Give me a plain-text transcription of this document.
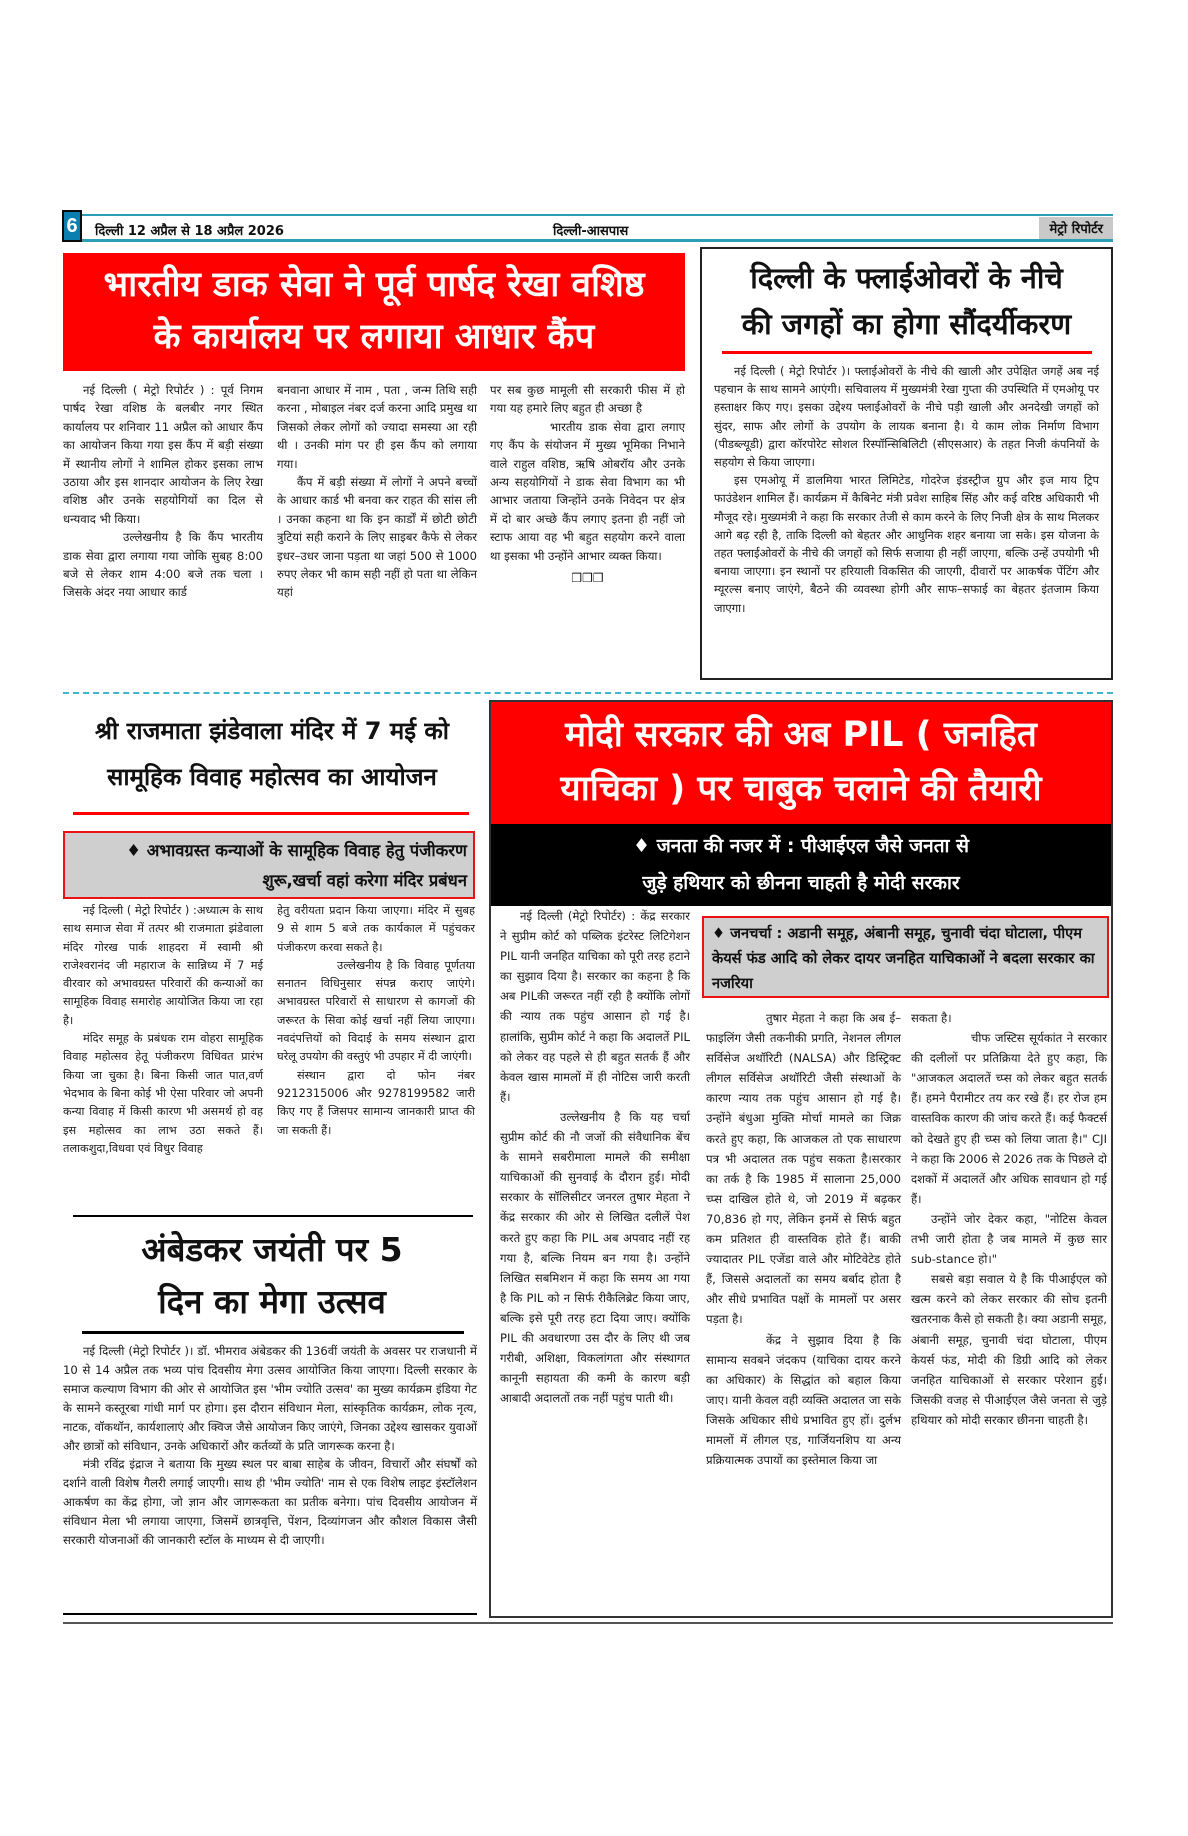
6	दिल्ली 12 अप्रैल से 18 अप्रैल 2026	दिल्ली-आसपास	मेट्रो रिपोर्टर
भारतीय डाक सेवा ने पूर्व पार्षद रेखा वशिष्ठ
के कार्यालय पर लगाया आधार कैंप

नई दिल्ली ( मेट्रो रिपोर्टर ) : पूर्व निगम पार्षद रेखा वशिष्ठ के बलबीर नगर स्थित कार्यालय पर शनिवार 11 अप्रैल को आधार कैंप का आयोजन किया गया इस कैंप में बड़ी संख्या में स्थानीय लोगों ने शामिल होकर इसका लाभ उठाया और इस शानदार आयोजन के लिए रेखा वशिष्ठ और उनके सहयोगियों का दिल से धन्यवाद भी किया।

उल्लेखनीय है कि कैंप भारतीय डाक सेवा द्वारा लगाया गया जोकि सुबह 8:00 बजे से लेकर शाम 4:00 बजे तक चला । जिसके अंदर नया आधार कार्ड

बनवाना आधार में नाम , पता , जन्म तिथि सही करना , मोबाइल नंबर दर्ज करना आदि प्रमुख था जिसको लेकर लोगों को ज्यादा समस्या आ रही थी । उनकी मांग पर ही इस कैंप को लगाया गया।

कैंप में बड़ी संख्या में लोगों ने अपने बच्चों के आधार कार्ड भी बनवा कर राहत की सांस ली । उनका कहना था कि इन कार्डों में छोटी छोटी त्रुटियां सही कराने के लिए साइबर कैफे से लेकर इधर–उधर जाना पड़ता था जहां 500 से 1000 रुपए लेकर भी काम सही नहीं हो पता था लेकिन यहां

पर सब कुछ मामूली सी सरकारी फीस में हो गया यह हमारे लिए बहुत ही अच्छा है

भारतीय डाक सेवा द्वारा लगाए गए कैंप के संयोजन में मुख्य भूमिका निभाने वाले राहुल वशिष्ठ, ऋषि ओबरॉय और उनके अन्य सहयोगियों ने डाक सेवा विभाग का भी आभार जताया जिन्होंने उनके निवेदन पर क्षेत्र में दो बार अच्छे कैंप लगाए इतना ही नहीं जो स्टाफ आया वह भी बहुत सहयोग करने वाला था इसका भी उन्होंने आभार व्यक्त किया।

❒❒❒
दिल्ली के फ्लाईओवरों के नीचे
की जगहों का होगा सौंदर्यीकरण

नई दिल्ली ( मेट्रो रिपोर्टर )। फ्लाईओवरों के नीचे की खाली और उपेक्षित जगहें अब नई पहचान के साथ सामने आएंगी। सचिवालय में मुख्यमंत्री रेखा गुप्ता की उपस्थिति में एमओयू पर हस्ताक्षर किए गए। इसका उद्देश्य फ्लाईओवरों के नीचे पड़ी खाली और अनदेखी जगहों को सुंदर, साफ और लोगों के उपयोग के लायक बनाना है। ये काम लोक निर्माण विभाग (पीडब्ल्यूडी) द्वारा कॉरपोरेट सोशल रिस्पॉन्सिबिलिटी (सीएसआर) के तहत निजी कंपनियों के सहयोग से किया जाएगा।

इस एमओयू में डालमिया भारत लिमिटेड, गोदरेज इंडस्ट्रीज ग्रुप और इज माय ट्रिप फाउंडेशन शामिल हैं। कार्यक्रम में कैबिनेट मंत्री प्रवेश साहिब सिंह और कई वरिष्ठ अधिकारी भी मौजूद रहे। मुख्यमंत्री ने कहा कि सरकार तेजी से काम करने के लिए निजी क्षेत्र के साथ मिलकर आगे बढ़ रही है, ताकि दिल्ली को बेहतर और आधुनिक शहर बनाया जा सके। इस योजना के तहत फ्लाईओवरों के नीचे की जगहों को सिर्फ सजाया ही नहीं जाएगा, बल्कि उन्हें उपयोगी भी बनाया जाएगा। इन स्थानों पर हरियाली विकसित की जाएगी, दीवारों पर आकर्षक पेंटिंग और म्यूरल्स बनाए जाएंगे, बैठने की व्यवस्था होगी और साफ–सफाई का बेहतर इंतजाम किया जाएगा।

श्री राजमाता झंडेवाला मंदिर में 7 मई को
सामूहिक विवाह महोत्सव का आयोजन
♦ अभावग्रस्त कन्याओं के सामूहिक विवाह हेतु पंजीकरण शुरू,खर्चा वहां करेगा मंदिर प्रबंधन

नई दिल्ली ( मेट्रो रिपोर्टर ) :अध्यात्म के साथ साथ समाज सेवा में तत्पर श्री राजमाता झंडेवाला मंदिर गोरख पार्क शाहदरा में स्वामी श्री राजेश्वरानंद जी महाराज के सान्निध्य में 7 मई वीरवार को अभावग्रस्त परिवारों की कन्याओं का सामूहिक विवाह समारोह आयोजित किया जा रहा है।

मंदिर समूह के प्रबंधक राम वोहरा सामूहिक विवाह महोत्सव हेतू पंजीकरण विधिवत प्रारंभ किया जा चुका है। बिना किसी जात पात,वर्ण भेदभाव के बिना कोई भी ऐसा परिवार जो अपनी कन्या विवाह में किसी कारण भी असमर्थ हो वह इस महोत्सव का लाभ उठा सकते हैं।तलाकशुदा,विधवा एवं विधुर विवाह

हेतु वरीयता प्रदान किया जाएगा। मंदिर में सुबह 9 से शाम 5 बजे तक कार्यकाल में पहुंचकर पंजीकरण करवा सकते है।

उल्लेखनीय है कि विवाह पूर्णतया सनातन विधिनुसार संपन्न कराए जाएंगे।अभावग्रस्त परिवारों से साधारण से कागजों की जरूरत के सिवा कोई खर्चा नहीं लिया जाएगा। नवदंपत्तियों को विदाई के समय संस्थान द्वारा घरेलू उपयोग की वस्तुएं भी उपहार में दी जाएंगी।

संस्थान द्वारा दो फोन नंबर 9212315006 और 9278199582 जारी किए गए हैं जिसपर सामान्य जानकारी प्राप्त की जा सकती हैं।

अंबेडकर जयंती पर 5
दिन का मेगा उत्सव

नई दिल्ली (मेट्रो रिपोर्टर )। डॉ. भीमराव अंबेडकर की 136वीं जयंती के अवसर पर राजधानी में 10 से 14 अप्रैल तक भव्य पांच दिवसीय मेगा उत्सव आयोजित किया जाएगा। दिल्ली सरकार के समाज कल्याण विभाग की ओर से आयोजित इस 'भीम ज्योति उत्सव' का मुख्य कार्यक्रम इंडिया गेट के सामने कस्तूरबा गांधी मार्ग पर होगा। इस दौरान संविधान मेला, सांस्कृतिक कार्यक्रम, लोक नृत्य, नाटक, वॉकथॉन, कार्यशालाएं और क्विज जैसे आयोजन किए जाएंगे, जिनका उद्देश्य खासकर युवाओं और छात्रों को संविधान, उनके अधिकारों और कर्तव्यों के प्रति जागरूक करना है।

मंत्री रविंद्र इंद्राज ने बताया कि मुख्य स्थल पर बाबा साहेब के जीवन, विचारों और संघर्षों को दर्शाने वाली विशेष गैलरी लगाई जाएगी। साथ ही 'भीम ज्योति' नाम से एक विशेष लाइट इंस्टॉलेशन आकर्षण का केंद्र होगा, जो ज्ञान और जागरूकता का प्रतीक बनेगा। पांच दिवसीय आयोजन में संविधान मेला भी लगाया जाएगा, जिसमें छात्रवृत्ति, पेंशन, दिव्यांगजन और कौशल विकास जैसी सरकारी योजनाओं की जानकारी स्टॉल के माध्यम से दी जाएगी।

मोदी सरकार की अब PIL ( जनहित
याचिका ) पर चाबुक चलाने की तैयारी
♦ जनता की नजर में : पीआईएल जैसे जनता से
जुड़े हथियार को छीनना चाहती है मोदी सरकार
♦ जनचर्चा : अडानी समूह, अंबानी समूह, चुनावी चंदा घोटाला, पीएम केयर्स फंड आदि को लेकर दायर जनहित याचिकाओं ने बदला सरकार का नजरिया

नई दिल्ली (मेट्रो रिपोर्टर) : केंद्र सरकार ने सुप्रीम कोर्ट को पब्लिक इंटरेस्ट लिटिगेशन PIL यानी जनहित याचिका को पूरी तरह हटाने का सुझाव दिया है। सरकार का कहना है कि अब PILकी जरूरत नहीं रही है क्योंकि लोगों की न्याय तक पहुंच आसान हो गई है। हालांकि, सुप्रीम कोर्ट ने कहा कि अदालतें PIL को लेकर वह पहले से ही बहुत सतर्क हैं और केवल खास मामलों में ही नोटिस जारी करती हैं।

उल्लेखनीय है कि यह चर्चा सुप्रीम कोर्ट की नौ जजों की संवैधानिक बेंच के सामने सबरीमाला मामले की समीक्षा याचिकाओं की सुनवाई के दौरान हुई। मोदी सरकार के सॉलिसीटर जनरल तुषार मेहता ने केंद्र सरकार की ओर से लिखित दलीलें पेश करते हुए कहा कि PIL अब अपवाद नहीं रह गया है, बल्कि नियम बन गया है। उन्होंने लिखित सबमिशन में कहा कि समय आ गया है कि PIL को न सिर्फ रीकैलिब्रेट किया जाए, बल्कि इसे पूरी तरह हटा दिया जाए। क्योंकि PIL की अवधारणा उस दौर के लिए थी जब गरीबी, अशिक्षा, विकलांगता और संस्थागत कानूनी सहायता की कमी के कारण बड़ी आबादी अदालतों तक नहीं पहुंच पाती थी।

तुषार मेहता ने कहा कि अब ई–फाइलिंग जैसी तकनीकी प्रगति, नेशनल लीगल सर्विसेज अथॉरिटी (NALSA) और डिस्ट्रिक्ट लीगल सर्विसेज अथॉरिटी जैसी संस्थाओं के कारण न्याय तक पहुंच आसान हो गई है। उन्होंने बंधुआ मुक्ति मोर्चा मामले का जिक्र करते हुए कहा, कि आजकल तो एक साधारण पत्र भी अदालत तक पहुंच सकता है।सरकार का तर्क है कि 1985 में सालाना 25,000 च्प्स दाखिल होते थे, जो 2019 में बढ़कर 70,836 हो गए, लेकिन इनमें से सिर्फ बहुत कम प्रतिशत ही वास्तविक होते हैं। बाकी ज्यादातर PIL एजेंडा वाले और मोटिवेटेड होते हैं, जिससे अदालतों का समय बर्बाद होता है और सीधे प्रभावित पक्षों के मामलों पर असर पड़ता है।

केंद्र ने सुझाव दिया है कि सामान्य सवबने जंदकप (याचिका दायर करने का अधिकार) के सिद्धांत को बहाल किया जाए। यानी केवल वही व्यक्ति अदालत जा सके जिसके अधिकार सीधे प्रभावित हुए हों। दुर्लभ मामलों में लीगल एड, गार्जियनशिप या अन्य प्रक्रियात्मक उपायों का इस्तेमाल किया जा

सकता है।

चीफ जस्टिस सूर्यकांत ने सरकार की दलीलों पर प्रतिक्रिया देते हुए कहा, कि "आजकल अदालतें च्प्स को लेकर बहुत सतर्क हैं। हमने पैरामीटर तय कर रखे हैं। हर रोज हम वास्तविक कारण की जांच करते हैं। कई फैक्टर्स को देखते हुए ही च्प्स को लिया जाता है।" CJI ने कहा कि 2006 से 2026 तक के पिछले दो दशकों में अदालतें और अधिक सावधान हो गई हैं।

उन्होंने जोर देकर कहा, "नोटिस केवल तभी जारी होता है जब मामले में कुछ सार sub-stance हो।"

सबसे बड़ा सवाल ये है कि पीआईएल को खत्म करने को लेकर सरकार की सोच इतनी खतरनाक कैसे हो सकती है। क्या अडानी समूह, अंबानी समूह, चुनावी चंदा घोटाला, पीएम केयर्स फंड, मोदी की डिग्री आदि को लेकर जनहित याचिकाओं से सरकार परेशान हुई। जिसकी वजह से पीआईएल जैसे जनता से जुड़े हथियार को मोदी सरकार छीनना चाहती है।
